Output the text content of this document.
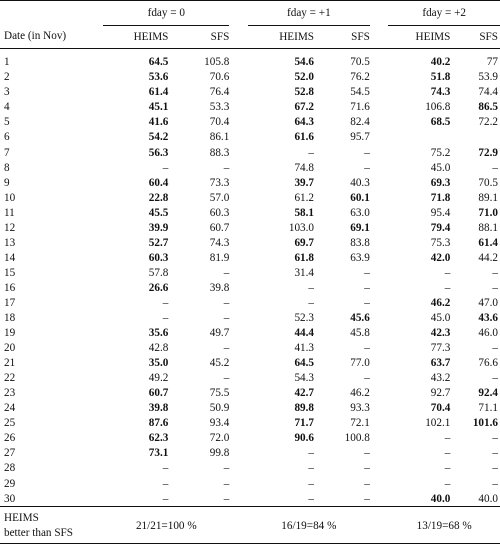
	fday = 0			fday = +1			fday = +2	

Date (in Nov)	HEIMS	SFS		HEIMS	SFS		HEIMS	SFS

1	64.5	105.8		54.6	70.5		40.2	77
2	53.6	70.6		52.0	76.2		51.8	53.9
3	61.4	76.4		52.8	54.5		74.3	74.4
4	45.1	53.3		67.2	71.6		106.8	86.5
5	41.6	70.4		64.3	82.4		68.5	72.2
6	54.2	86.1		61.6	95.7			
7	56.3	88.3		–	–		75.2	72.9
8	–	–		74.8	–		45.0	–
9	60.4	73.3		39.7	40.3		69.3	70.5
10	22.8	57.0		61.2	60.1		71.8	89.1
11	45.5	60.3		58.1	63.0		95.4	71.0
12	39.9	60.7		103.0	69.1		79.4	88.1
13	52.7	74.3		69.7	83.8		75.3	61.4
14	60.3	81.9		61.8	63.9		42.0	44.2
15	57.8	–		31.4	–		–	–
16	26.6	39.8		–	–		–	–
17	–	–		–	–		46.2	47.0
18	–	–		52.3	45.6		45.0	43.6
19	35.6	49.7		44.4	45.8		42.3	46.0
20	42.8	–		41.3	–		77.3	–
21	35.0	45.2		64.5	77.0		63.7	76.6
22	49.2	–		54.3	–		43.2	–
23	60.7	75.5		42.7	46.2		92.7	92.4
24	39.8	50.9		89.8	93.3		70.4	71.1
25	87.6	93.4		71.7	72.1		102.1	101.6
26	62.3	72.0		90.6	100.8		–	–
27	73.1	99.8		–	–		–	–
28	–	–		–	–		–	–
29	–	–		–	–		–	–
30	–	–		–	–		40.0	40.0

HEIMS
better than SFS	21/21=100 %			16/19=84 %			13/19=68 %	
